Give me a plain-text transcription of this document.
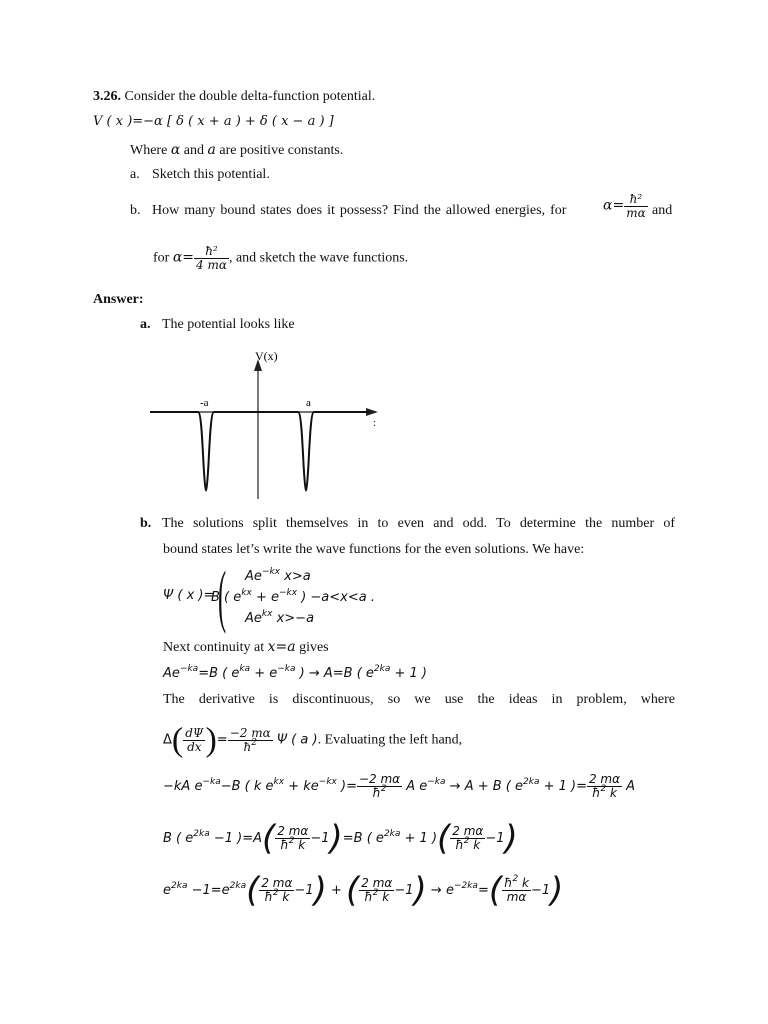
3.26. Consider the double delta-function potential.
V ( x )=−α [ δ ( x + a ) + δ ( x − a ) ]
Where α and a are positive constants.
a. Sketch this potential.
b. How many bound states does it possess? Find the allowed energies, for	$\alpha= \frac{\text{ħ²}}{m\alpha}$ and
for $\alpha= \frac{\text{ħ²}}{4 m\alpha}$ , and sketch the wave functions.
Answer:
a. The potential looks like
V(x)
-a	a
:
b. The solutions split themselves in to even and odd. To determine the number of
bound states let’s write the wave functions for the even solutions. We have:
Ψ ( x )= ( $Ae^{-kx}$ x>a
B ( $e^{kx} + e^{-kx}$ ) −a<x<a .
$Ae^{kx}$ x>−a
Next continuity at x=a gives
$Ae^{-ka}=B$ ( $e^{ka} + e^{-ka}$ ) → A=B ( $e^{2ka} + 1$ )
The derivative is discontinuous, so we use the ideas in problem, where
$\Delta( \frac{d\Psi}{dx}$ )= $\frac{-2 m\alpha}{ħ^2}$ Ψ ( a ). Evaluating the left hand,
−kA $e^{-ka}-B$ ( k $e^{kx} + ke^{-kx}$ )= $\frac{-2 m\alpha}{ħ^2}$ A $e^{-ka} \to A + B$ ( $e^{2ka} + 1$ )= $\frac{2 m\alpha}{ħ^2 k}$ A
B ( $e^{2ka} -1$ )$=A( \frac{2 m\alpha}{ħ^2 k} -1)=B$ ( $e^{2ka} + 1$ )( $\frac{2 m\alpha}{ħ^2 k} -1$)
$e^{2ka} -1=e^{2ka}( \frac{2 m\alpha}{ħ^2 k} -1)$ + ( $\frac{2 m\alpha}{ħ^2 k} -1) \to e^{-2ka}=( \frac{ħ^2 k}{m\alpha} -1)$
